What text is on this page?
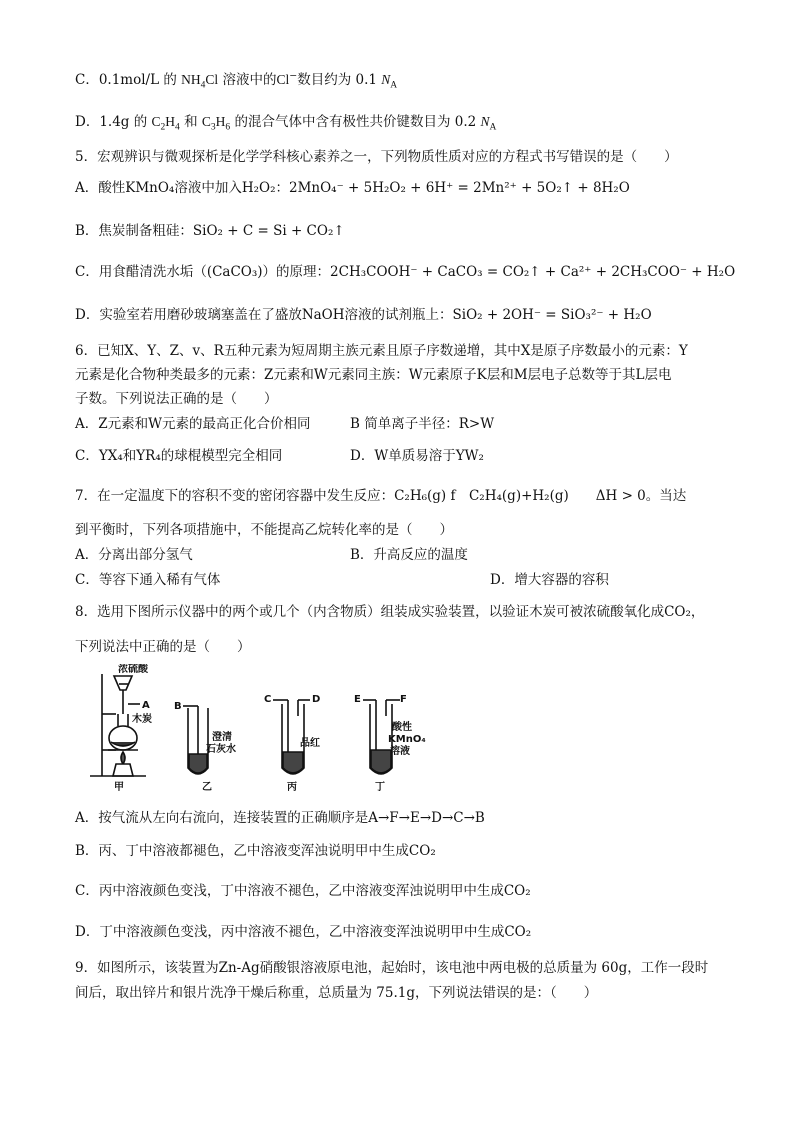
C．0.1mol/L 的 $NH_4Cl$ 溶液中的Cl−数目约为 0.1 $N_A$
D．1.4g 的 $C_2H_4$ 和 $C_3H_6$ 的混合气体中含有极性共价键数目为 0.2 $N_A$
5．宏观辨识与微观探析是化学学科核心素养之一，下列物质性质对应的方程式书写错误的是（　　）
A．酸性KMnO₄溶液中加入H₂O₂：2MnO₄⁻ + 5H₂O₂ + 6H⁺ = 2Mn²⁺ + 5O₂↑ + 8H₂O
B．焦炭制备粗硅：SiO₂ + C = Si + CO₂↑
C．用食醋清洗水垢（(CaCO₃)）的原理：2CH₃COOH⁻ + CaCO₃ = CO₂↑ + Ca²⁺ + 2CH₃COO⁻ + H₂O
D．实验室若用磨砂玻璃塞盖在了盛放NaOH溶液的试剂瓶上：SiO₂ + 2OH⁻ = SiO₃²⁻ + H₂O
6．已知X、Y、Z、v、R五种元素为短周期主族元素且原子序数递增，其中X是原子序数最小的元素：Y
元素是化合物种类最多的元素：Z元素和W元素同主族：W元素原子K层和M层电子总数等于其L层电
子数。下列说法正确的是（　　）
A．Z元素和W元素的最高正化合价相同	B 简单离子半径：R>W
C．YX₄和YR₄的球棍模型完全相同	D．W单质易溶于YW₂
7．在一定温度下的容积不变的密闭容器中发生反应：C₂H₆(g) f　C₂H₄(g)+H₂(g)　　ΔH > 0。当达
到平衡时，下列各项措施中，不能提高乙烷转化率的是（　　）
A．分离出部分氢气	B．升高反应的温度
C．等容下通入稀有气体	D．增大容器的容积
8．选用下图所示仪器中的两个或几个（内含物质）组装成实验装置，以验证木炭可被浓硫酸氧化成CO₂，
下列说法中正确的是（　　）
浓硫酸
A
木炭
B
澄清
石灰水
C	D
品红
E	F
酸性
KMnO₄
溶液
甲	乙	丙	丁
A．按气流从左向右流向，连接装置的正确顺序是A→F→E→D→C→B
B．丙、丁中溶液都褪色，乙中溶液变浑浊说明甲中生成CO₂
C．丙中溶液颜色变浅，丁中溶液不褪色，乙中溶液变浑浊说明甲中生成CO₂
D．丁中溶液颜色变浅，丙中溶液不褪色，乙中溶液变浑浊说明甲中生成CO₂
9．如图所示，该装置为Zn-Ag硝酸银溶液原电池，起始时，该电池中两电极的总质量为 60g，工作一段时
间后，取出锌片和银片洗净干燥后称重，总质量为 75.1g，下列说法错误的是：（　　）
